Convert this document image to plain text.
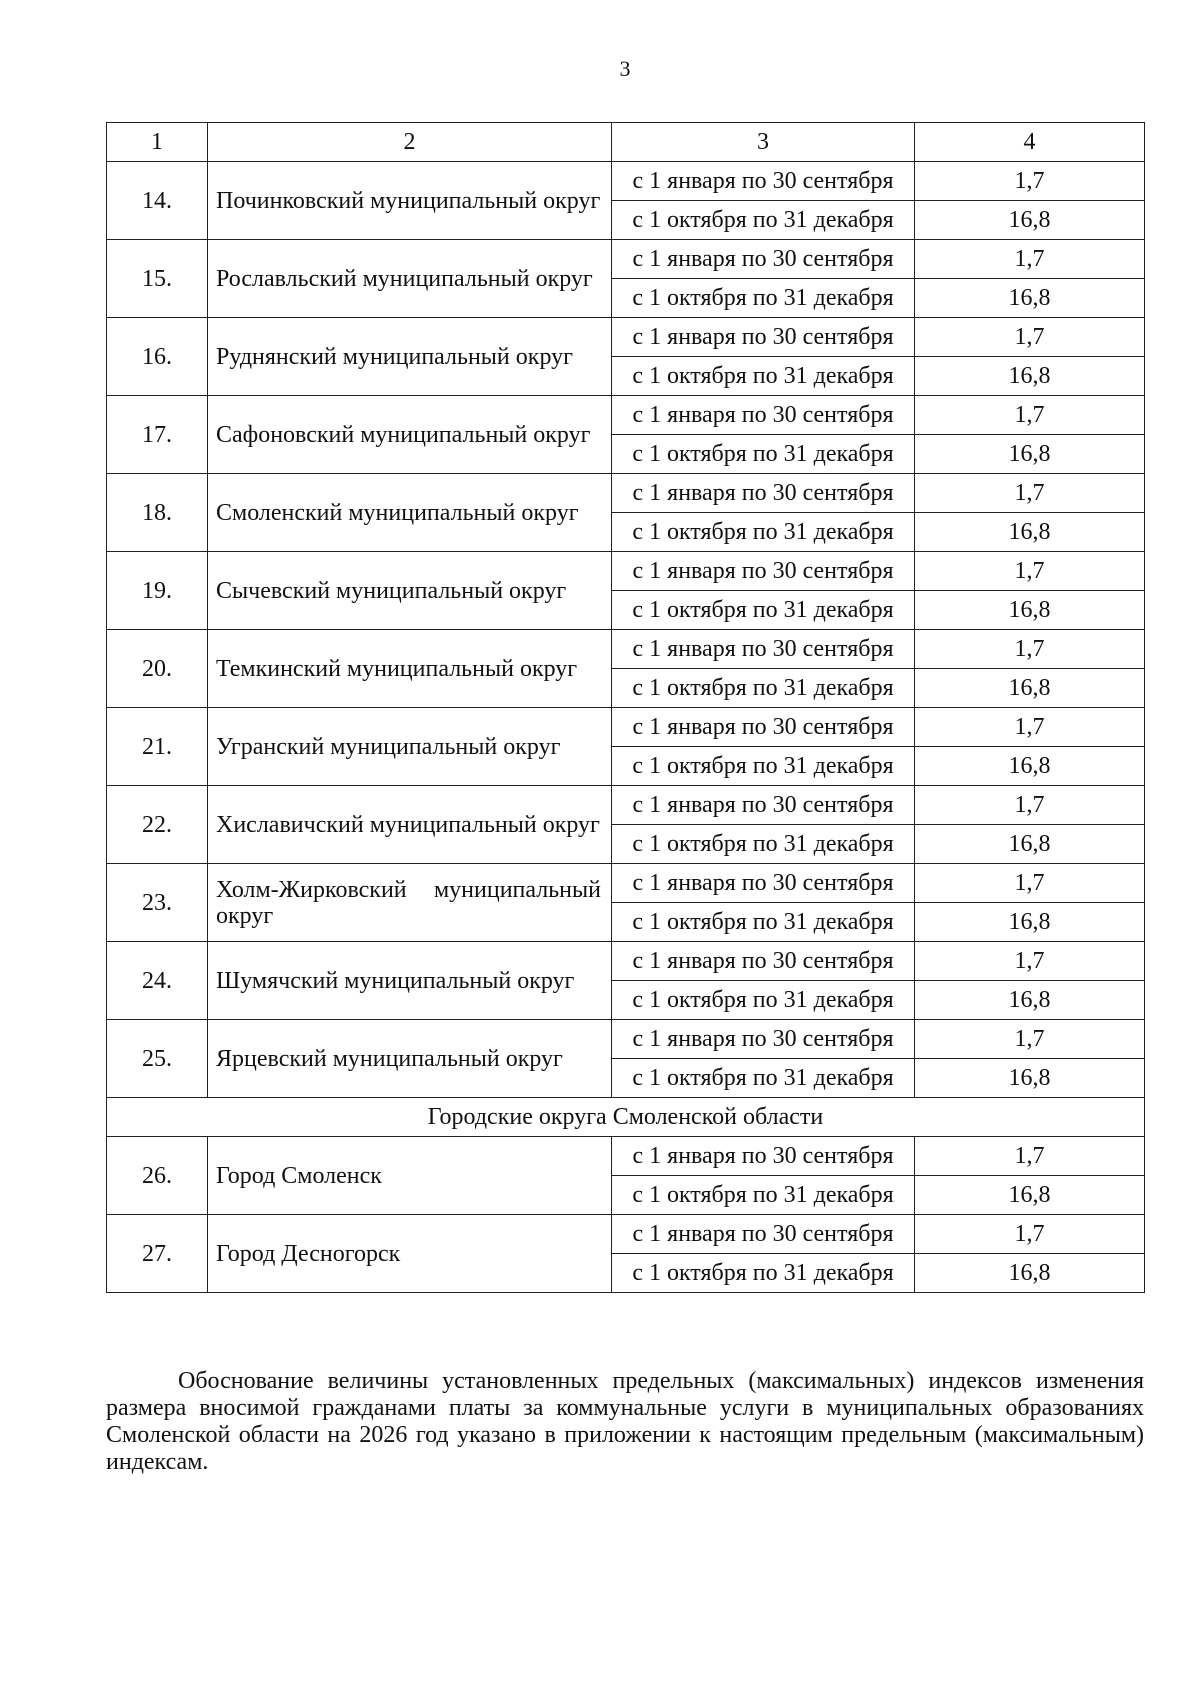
3
1	2	3	4
14.	Починковский муниципальный округ	с 1 января по 30 сентября	1,7
		с 1 октября по 31 декабря	16,8
15.	Рославльский муниципальный округ	с 1 января по 30 сентября	1,7
		с 1 октября по 31 декабря	16,8
16.	Руднянский муниципальный округ	с 1 января по 30 сентября	1,7
		с 1 октября по 31 декабря	16,8
17.	Сафоновский муниципальный округ	с 1 января по 30 сентября	1,7
		с 1 октября по 31 декабря	16,8
18.	Смоленский муниципальный округ	с 1 января по 30 сентября	1,7
		с 1 октября по 31 декабря	16,8
19.	Сычевский муниципальный округ	с 1 января по 30 сентября	1,7
		с 1 октября по 31 декабря	16,8
20.	Темкинский муниципальный округ	с 1 января по 30 сентября	1,7
		с 1 октября по 31 декабря	16,8
21.	Угранский муниципальный округ	с 1 января по 30 сентября	1,7
		с 1 октября по 31 декабря	16,8
22.	Хиславичский муниципальный округ	с 1 января по 30 сентября	1,7
		с 1 октября по 31 декабря	16,8
23.	Холм-Жирковский муниципальный округ	с 1 января по 30 сентября	1,7
		с 1 октября по 31 декабря	16,8
24.	Шумячский муниципальный округ	с 1 января по 30 сентября	1,7
		с 1 октября по 31 декабря	16,8
25.	Ярцевский муниципальный округ	с 1 января по 30 сентября	1,7
		с 1 октября по 31 декабря	16,8
Городские округа Смоленской области			
26.	Город Смоленск	с 1 января по 30 сентября	1,7
		с 1 октября по 31 декабря	16,8
27.	Город Десногорск	с 1 января по 30 сентября	1,7
		с 1 октября по 31 декабря	16,8
Обоснование величины установленных предельных (максимальных) индексов изменения размера вносимой гражданами платы за коммунальные услуги в муниципальных образованиях Смоленской области на 2026 год указано в приложении к настоящим предельным (максимальным) индексам.
